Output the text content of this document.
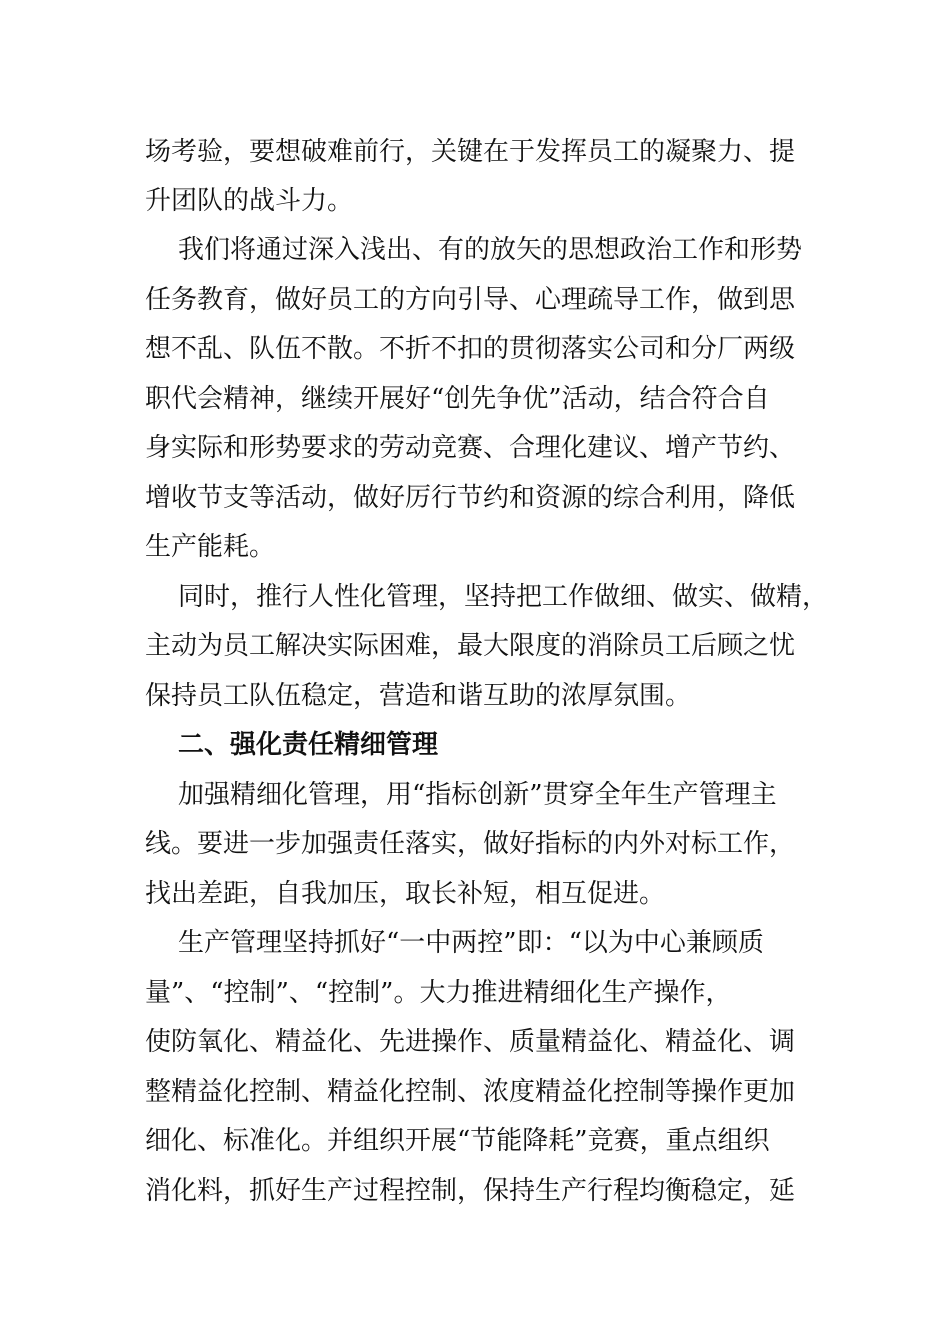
场考验，要想破难前行，关键在于发挥员工的凝聚力、提
升团队的战斗力。
我们将通过深入浅出、有的放矢的思想政治工作和形势
任务教育，做好员工的方向引导、心理疏导工作，做到思
想不乱、队伍不散。不折不扣的贯彻落实公司和分厂两级
职代会精神，继续开展好“创先争优”活动，结合符合自
身实际和形势要求的劳动竞赛、合理化建议、增产节约、
增收节支等活动，做好厉行节约和资源的综合利用，降低
生产能耗。
同时，推行人性化管理，坚持把工作做细、做实、做精，
主动为员工解决实际困难，最大限度的消除员工后顾之忧
保持员工队伍稳定，营造和谐互助的浓厚氛围。
二、强化责任精细管理
加强精细化管理，用“指标创新”贯穿全年生产管理主
线。要进一步加强责任落实，做好指标的内外对标工作，
找出差距，自我加压，取长补短，相互促进。
生产管理坚持抓好“一中两控”即：“以为中心兼顾质
量”、“控制”、“控制”。大力推进精细化生产操作，
使防氧化、精益化、先进操作、质量精益化、精益化、调
整精益化控制、精益化控制、浓度精益化控制等操作更加
细化、标准化。并组织开展“节能降耗”竞赛，重点组织
消化料，抓好生产过程控制，保持生产行程均衡稳定，延
